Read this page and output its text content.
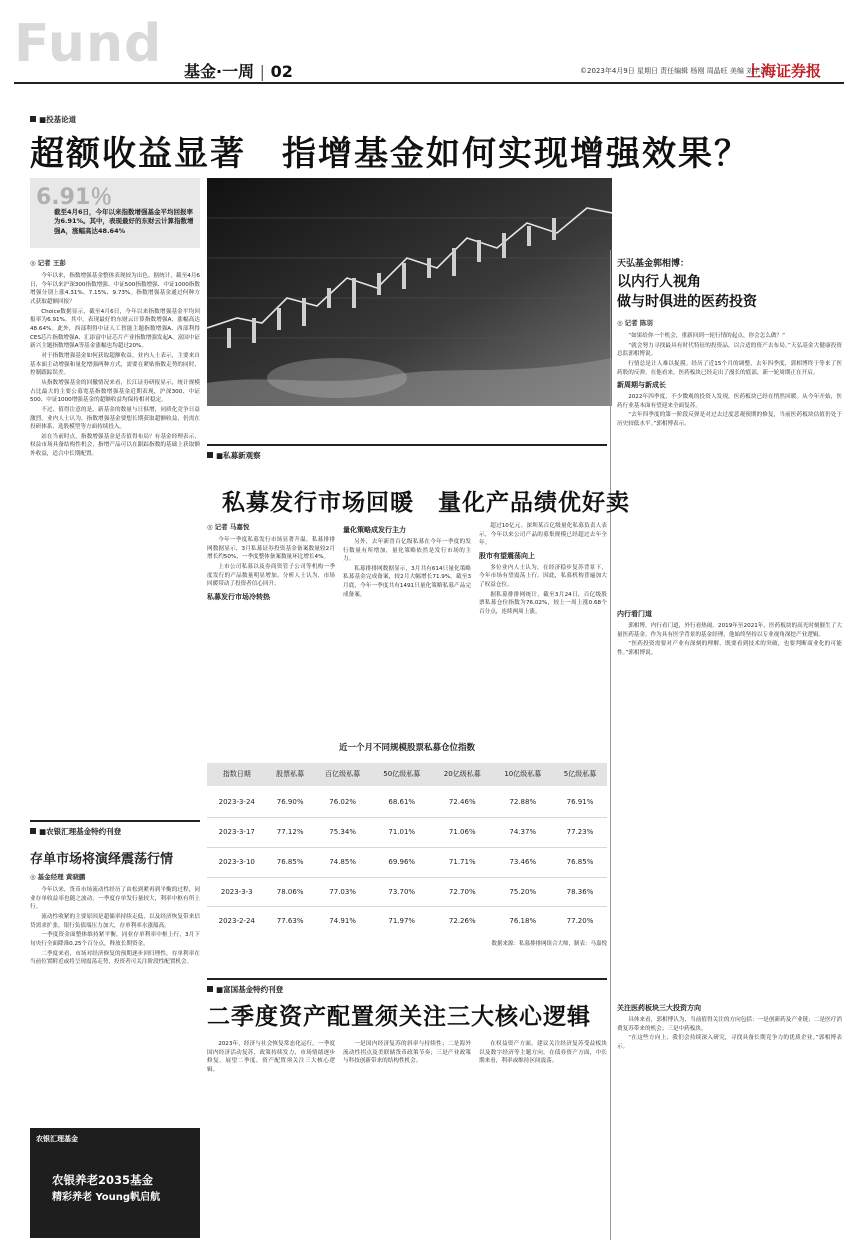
Fund 基金·一周 | 02	©2023年4月9日 星期日 责任编辑 杨刚 周晶旺 美编 刘宇涛
上海证券报
■投基论道
超额收益显著　指增基金如何实现增强效果？
6.91％
截至4月6日，今年以来指数增强基金平均回报率为6.91%。其中，表现最好的东财云计算指数增强A，涨幅高达48.64%
◎ 记者 王彭

今年以来，指数增强基金整体表现较为出色。据统计，截至4月6日，今年以来沪深300指数增强、中证500指数增强、中证1000指数增强分别上涨4.31%、7.15%、9.73%。指数增强基金通过何种方式获取超额回报？

Choice数据显示，截至4月6日，今年以来指数增强基金平均回报率为6.91%。其中，表现最好的东财云计算指数增强A，涨幅高达48.64%。此外，西部利得中证人工智能主题指数增强A、西部利得CES芯片指数增强A、汇添富中证芯片产业指数增强发起A、富国中证新兴主题指数增强A等基金涨幅也均超过20%。

对于指数增强基金如何获取超额收益，业内人士表示，主要来自基本面主动增强和量化增强两种方式，需要在紧贴指数走势的同时，控制跟踪误差。

从指数增强基金的回撤情况来看，长江证券研报显示，统计规模占比最大的主要公募宽基指数增强基金近期表现，沪深300、中证500、中证1000增强基金的超额收益均保持相对稳定。

不过，值得注意的是，新基金的数量与日俱增，同质化竞争日益激烈。业内人士认为，指数增强基金要想长期获取超额收益，仍需在投研体系、选股模型等方面持续投入。

站在当前时点，指数增强基金是否值得布局？有基金经理表示，权益市场具备结构性机会，指增产品可以在跟踪指数的基础上获取额外收益，适合中长期配置。

天弘基金郭相博：
以内行人视角
做与时俱进的医药投资
◎ 记者 陈羽

“如果给你一个机会，重新回到一轮行情的起点，你会怎么做？”

“就会努力寻找最具有时代特征的投资品，以合适的资产去布局。”天弘基金大健康投资总监郭相博说。

行情总是让人难以捉摸。经历了近15个月的调整，去年四季度，郭相博终于等来了医药股的反弹。在他看来，医药板块已经走出了漫长的底部，新一轮周期正在开启。

新周期与新成长

2022年四季度，不少微观的投资人发现，医药板块已经在悄然回暖。从今年开始，医药行业基本面有望迎来全面复苏。

“去年四季度的第一阶段反弹是对过去过度悲观预期的修复，当前医药板块估值仍处于历史较低水平。”郭相博表示。

内行看门道

郭相博，内行看门道，外行看热闹。2019年至2021年，医药板块的高光时刻催生了大量医药基金。作为具有医学背景的基金经理，他始终坚持以专业视角深挖产业逻辑。

“医药投资需要对产业有深刻的理解，既要看到技术的突破，也要判断商业化的可能性。”郭相博说。

关注医药板块三大投资方向

具体来看，郭相博认为，当前值得关注的方向包括：一是创新药及产业链；二是医疗消费复苏带来的机会；三是中药板块。

“在这些方向上，我们会持续深入研究，寻找具备长期竞争力的优质企业。”郭相博表示。

■私募新观察
私募发行市场回暖　量化产品绩优好卖
◎ 记者 马嘉悦

今年一季度私募发行市场显著升温。私募排排网数据显示，3月私募证券投资基金备案数量较2月增长约50%，一季度整体备案数量环比增长4%。

上市公司私募以及券商资管子公司等机构一季度发行的产品数量明显增加。分析人士认为，市场回暖带动了投资者信心回升。

私募发行市场冷转热
量化策略成发行主力

另外，去年新晋百亿级私募在今年一季度的发行数量有所增加，量化策略依然是发行市场的主力。

私募排排网数据显示，3月共有614只量化策略私募基金完成备案，较2月大幅增长71.9%。截至3月底，今年一季度共有1491只量化策略私募产品完成备案。

超过10亿元。深圳某百亿级量化私募负责人表示，今年以来公司产品的募集规模已经超过去年全年。

股市有望震荡向上

多位业内人士认为，在经济稳步复苏背景下，今年市场有望震荡上行。因此，私募机构普遍加大了权益仓位。

据私募排排网统计，截至3月24日，百亿级股票私募仓位指数为76.02%，较上一周上涨0.68个百分点，连续两周上涨。

近一个月不同规模股票私募仓位指数
指数日期	股票私募	百亿级私募	50亿级私募	20亿级私募	10亿级私募	5亿级私募
2023-3-24	76.90%	76.02%	68.61%	72.46%	72.88%	76.91%
2023-3-17	77.12%	75.34%	71.01%	71.06%	74.37%	77.23%
2023-3-10	76.85%	74.85%	69.96%	71.71%	73.46%	76.85%
2023-3-3	78.06%	77.03%	73.70%	72.70%	75.20%	78.36%
2023-2-24	77.63%	74.91%	71.97%	72.26%	76.18%	77.20%
数据来源：私募排排网组合大师，制表：马嘉悦
■农银汇理基金特约刊登
存单市场将演绎震荡行情
◎ 基金经理 黄晓鹏

今年以来，货币市场流动性经历了由松到紧再到平衡的过程，同业存单收益率也随之波动。一季度存单发行量较大，利率中枢有所上行。

流动性收紧的主要原因是超储率持续走低，以及经济恢复带来信贷需求扩张。银行负债端压力加大，存单利率水涨船高。

一季度资金面整体维持紧平衡，同业存单利率中枢上行，3月下旬央行全面降准0.25个百分点，释放长期资金。

二季度来看，市场对经济修复的预期逐步回归理性，存单利率在当前位置附近或将呈现震荡走势，投资者可关注阶段性配置机会。

农银汇理基金
农银养老2035基金
精彩养老 Young帆启航
■富国基金特约刊登
二季度资产配置须关注三大核心逻辑

2023年，经济与社会恢复常态化运行。一季度国内经济活动复苏，政策持续发力，市场情绪逐步修复。展望二季度，资产配置须关注三大核心逻辑。

一是国内经济复苏的斜率与持续性；二是海外流动性拐点及美联储货币政策节奏；三是产业政策与科技创新带来的结构性机会。

在权益资产方面，建议关注经济复苏受益板块以及数字经济等主题方向。在债券资产方面，中长期来看，利率或维持区间震荡。
